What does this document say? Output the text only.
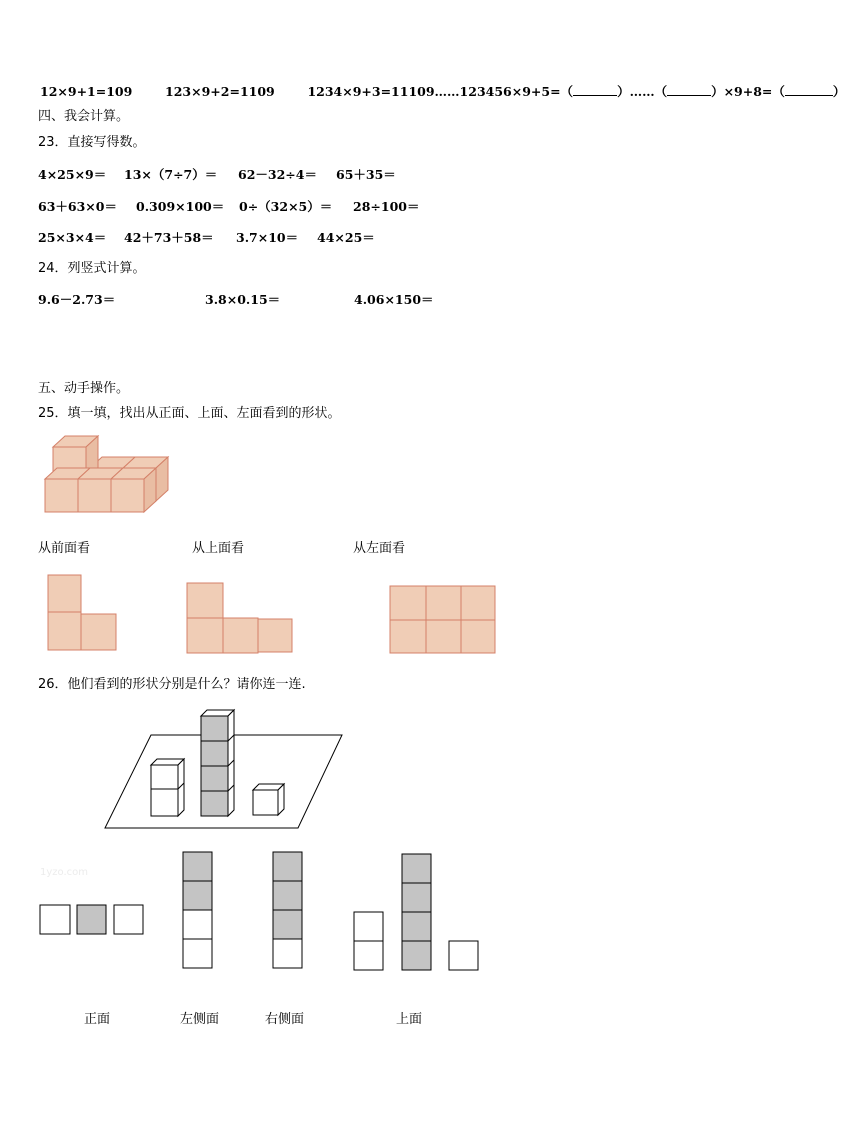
12×9+1=109	123×9+2=1109	1234×9+3=11109……123456×9+5=（	）……（	）×9+8=（	）
四、我会计算。
23．直接写得数。
4×25×9＝ 13×（7÷7）＝ 62－32÷4＝ 65＋35＝
63＋63×0＝ 0.309×100＝ 0÷（32×5）＝ 28÷100＝
25×3×4＝ 42＋73＋58＝ 3.7×10＝ 44×25＝
24．列竖式计算。
9.6－2.73＝	3.8×0.15＝	4.06×150＝
五、动手操作。
25．填一填，找出从正面、上面、左面看到的形状。
从前面看	从上面看	从左面看
26．他们看到的形状分别是什么？请你连一连.
1yzo.com
正面	左侧面	右侧面	上面
